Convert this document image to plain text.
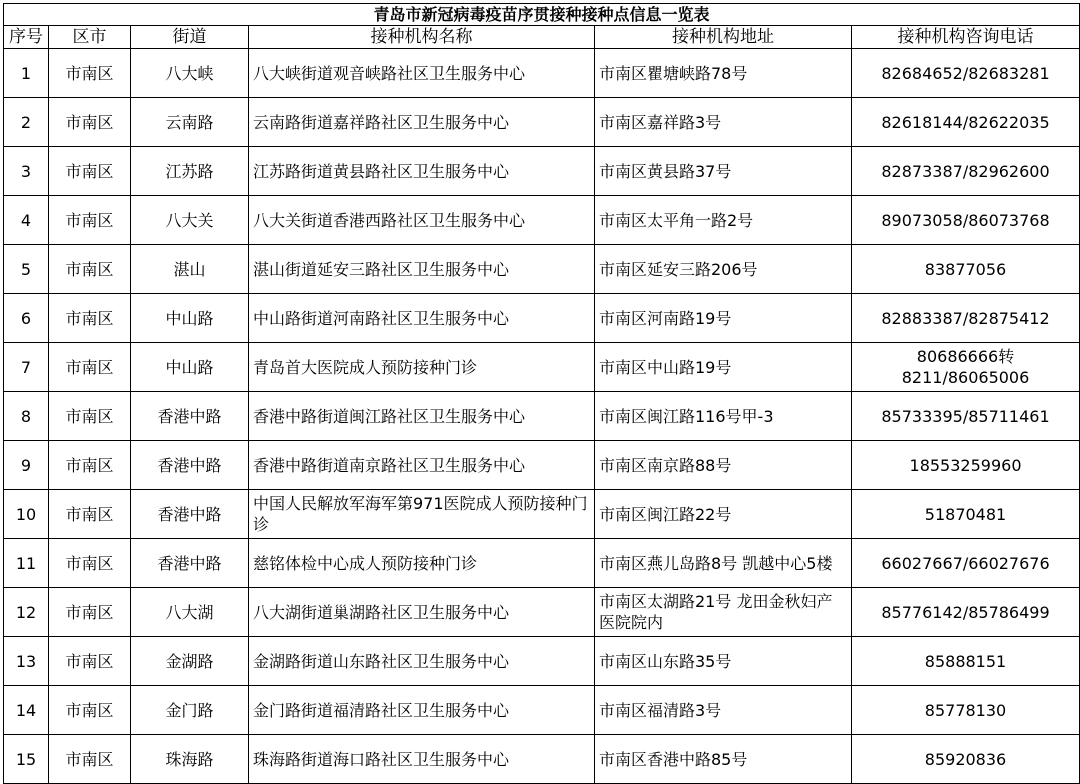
青岛市新冠病毒疫苗序贯接种接种点信息一览表					
序号	区市	街道	接种机构名称	接种机构地址	接种机构咨询电话
1	市南区	八大峡	八大峡街道观音峡路社区卫生服务中心	市南区瞿塘峡路78号	82684652/82683281
2	市南区	云南路	云南路街道嘉祥路社区卫生服务中心	市南区嘉祥路3号	82618144/82622035
3	市南区	江苏路	江苏路街道黄县路社区卫生服务中心	市南区黄县路37号	82873387/82962600
4	市南区	八大关	八大关街道香港西路社区卫生服务中心	市南区太平角一路2号	89073058/86073768
5	市南区	湛山	湛山街道延安三路社区卫生服务中心	市南区延安三路206号	83877056
6	市南区	中山路	中山路街道河南路社区卫生服务中心	市南区河南路19号	82883387/82875412
7	市南区	中山路	青岛首大医院成人预防接种门诊	市南区中山路19号	80686666转8211/86065006
8	市南区	香港中路	香港中路街道闽江路社区卫生服务中心	市南区闽江路116号甲-3	85733395/85711461
9	市南区	香港中路	香港中路街道南京路社区卫生服务中心	市南区南京路88号	18553259960
10	市南区	香港中路	中国人民解放军海军第971医院成人预防接种门诊	市南区闽江路22号	51870481
11	市南区	香港中路	慈铭体检中心成人预防接种门诊	市南区燕儿岛路8号 凯越中心5楼	66027667/66027676
12	市南区	八大湖	八大湖街道巢湖路社区卫生服务中心	市南区太湖路21号 龙田金秋妇产医院院内	85776142/85786499
13	市南区	金湖路	金湖路街道山东路社区卫生服务中心	市南区山东路35号	85888151
14	市南区	金门路	金门路街道福清路社区卫生服务中心	市南区福清路3号	85778130
15	市南区	珠海路	珠海路街道海口路社区卫生服务中心	市南区香港中路85号	85920836
